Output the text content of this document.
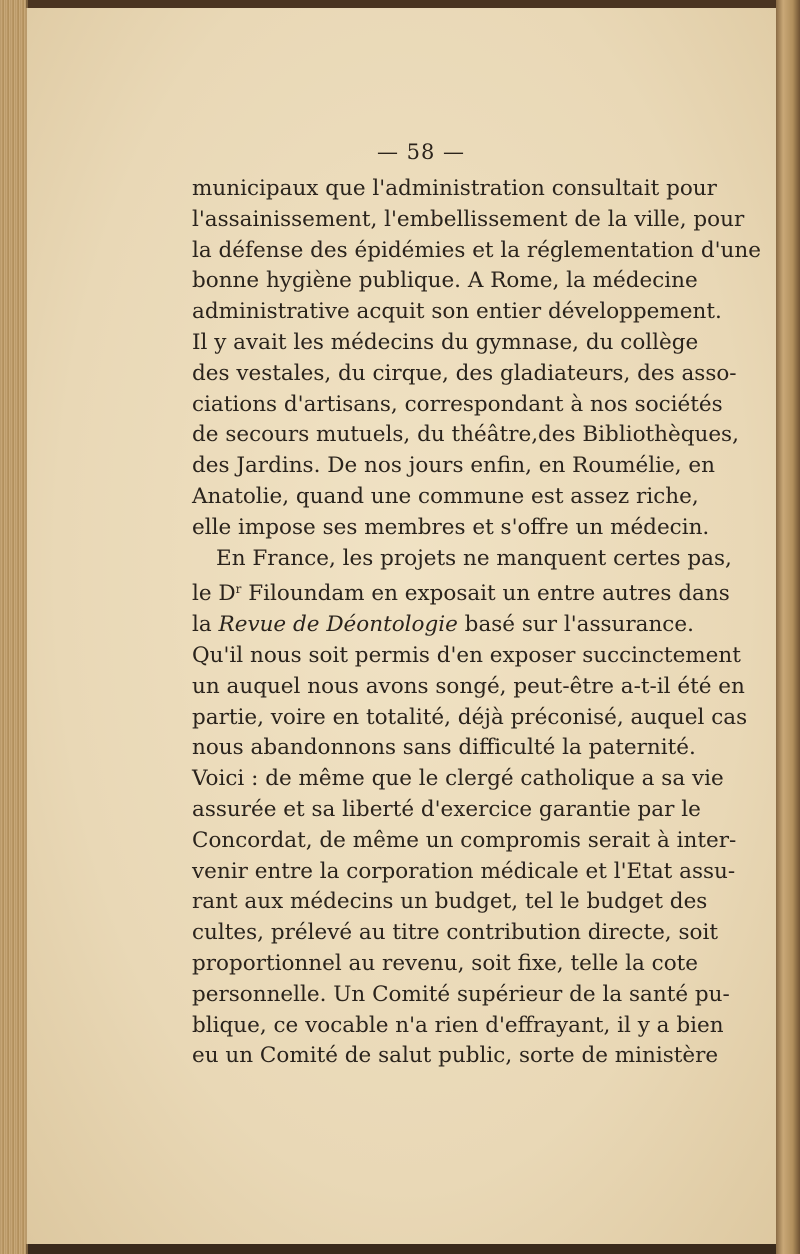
— 58 —
municipaux que l'administration consultait pour
l'assainissement, l'embellissement de la ville, pour
la défense des épidémies et la réglementation d'une
bonne hygiène publique. A Rome, la médecine
administrative acquit son entier développement.
Il y avait les médecins du gymnase, du collège
des vestales, du cirque, des gladiateurs, des asso-
ciations d'artisans, correspondant à nos sociétés
de secours mutuels, du théâtre,des Bibliothèques,
des Jardins. De nos jours enfin, en Roumélie, en
Anatolie, quand une commune est assez riche,
elle impose ses membres et s'offre un médecin.
En France, les projets ne manquent certes pas,
le $D^r$ Filoundam en exposait un entre autres dans
la Revue de Déontologie basé sur l'assurance.
Qu'il nous soit permis d'en exposer succinctement
un auquel nous avons songé, peut-être a-t-il été en
partie, voire en totalité, déjà préconisé, auquel cas
nous abandonnons sans difficulté la paternité.
Voici : de même que le clergé catholique a sa vie
assurée et sa liberté d'exercice garantie par le
Concordat, de même un compromis serait à inter-
venir entre la corporation médicale et l'Etat assu-
rant aux médecins un budget, tel le budget des
cultes, prélevé au titre contribution directe, soit
proportionnel au revenu, soit fixe, telle la cote
personnelle. Un Comité supérieur de la santé pu-
blique, ce vocable n'a rien d'effrayant, il y a bien
eu un Comité de salut public, sorte de ministère
